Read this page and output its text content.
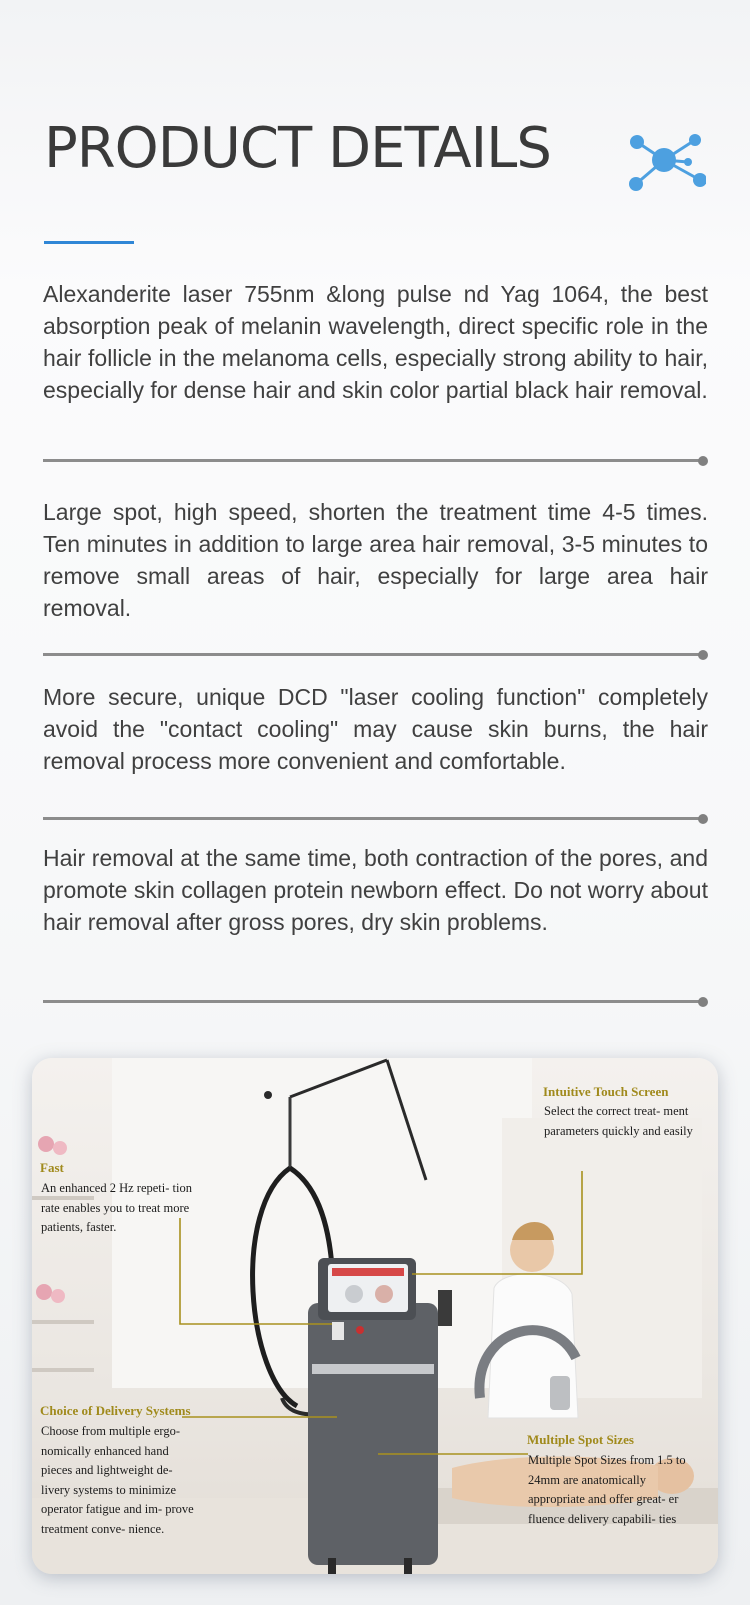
PRODUCT DETAILS

Alexanderite laser 755nm &long pulse nd Yag 1064, the best absorption peak of melanin wavelength, direct specific role in the hair follicle in the melanoma cells, especially strong ability to hair, especially for dense hair and skin color partial black hair removal.

Large spot, high speed, shorten the treatment time 4-5 times. Ten minutes in addition to large area hair removal, 3-5 minutes to remove small areas of hair, especially for large area hair removal.

More secure, unique DCD "laser cooling function" completely avoid the "contact cooling" may cause skin burns, the hair removal process more convenient and comfortable.

Hair removal at the same time, both contraction of the pores, and promote skin collagen protein newborn effect. Do not worry about hair removal after gross pores, dry skin problems.

Intuitive Touch Screen

Select the correct treat- ment parameters quickly and easily

Fast

An enhanced 2 Hz repeti- tion rate enables you to treat more patients, faster.

Choice of Delivery Systems

Choose from multiple ergo- nomically enhanced hand pieces and lightweight de- livery systems to minimize operator fatigue and im- prove treatment conve- nience.

Multiple Spot Sizes

Multiple Spot Sizes from 1.5 to 24mm are anatomically appropriate and offer great- er fluence delivery capabili- ties
